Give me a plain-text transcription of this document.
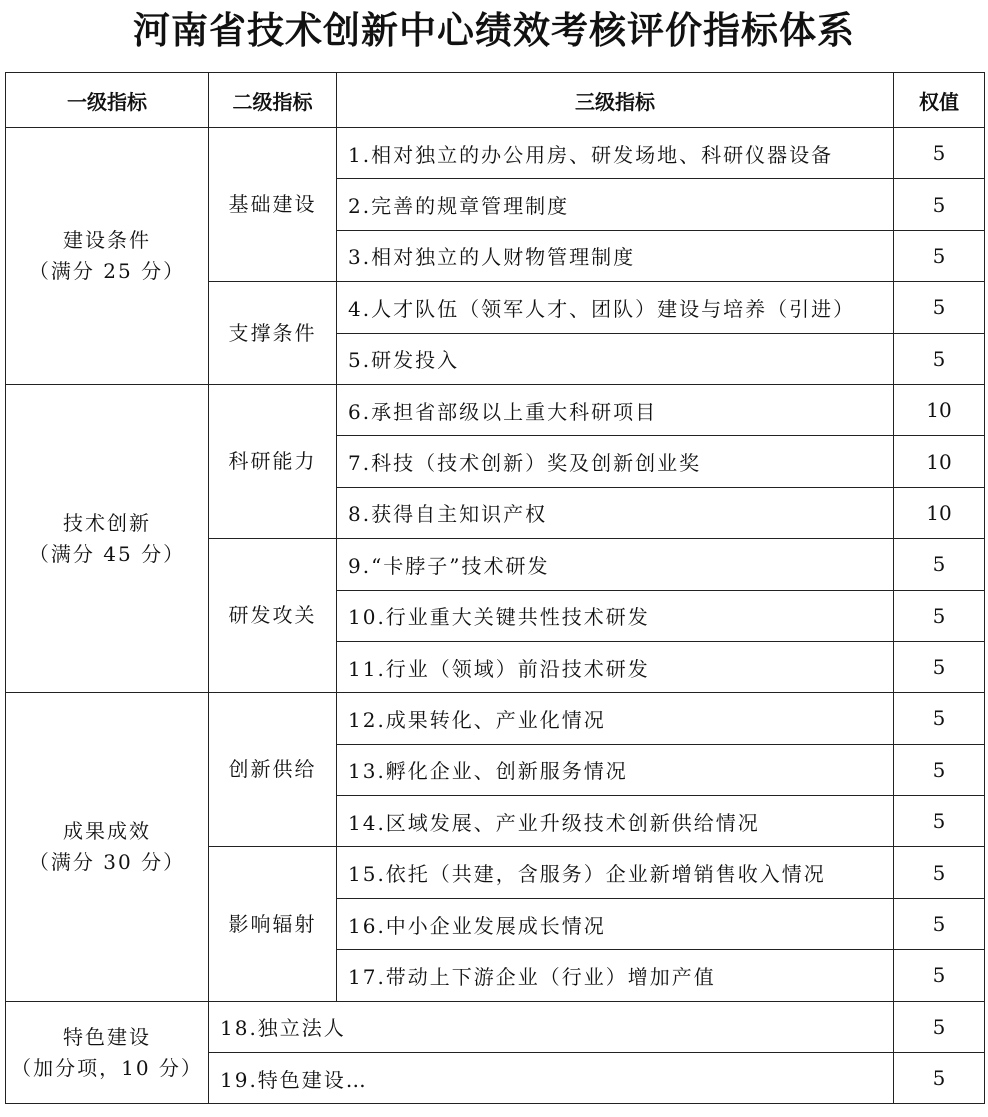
河南省技术创新中心绩效考核评价指标体系
一级指标	二级指标	三级指标	权值

建设条件
（满分 25 分）	基础建设	1.相对独立的办公用房、研发场地、科研仪器设备	5
		2.完善的规章管理制度	5
		3.相对独立的人财物管理制度	5
	支撑条件	4.人才队伍（领军人才、团队）建设与培养（引进）	5
		5.研发投入	5

技术创新
（满分 45 分）	科研能力	6.承担省部级以上重大科研项目	10
		7.科技（技术创新）奖及创新创业奖	10
		8.获得自主知识产权	10
	研发攻关	9.“卡脖子”技术研发	5
		10.行业重大关键共性技术研发	5
		11.行业（领域）前沿技术研发	5

成果成效
（满分 30 分）	创新供给	12.成果转化、产业化情况	5
		13.孵化企业、创新服务情况	5
		14.区域发展、产业升级技术创新供给情况	5
	影响辐射	15.依托（共建，含服务）企业新增销售收入情况	5
		16.中小企业发展成长情况	5
		17.带动上下游企业（行业）增加产值	5

特色建设
（加分项，10 分）	18.独立法人		5
	19.特色建设…		5
